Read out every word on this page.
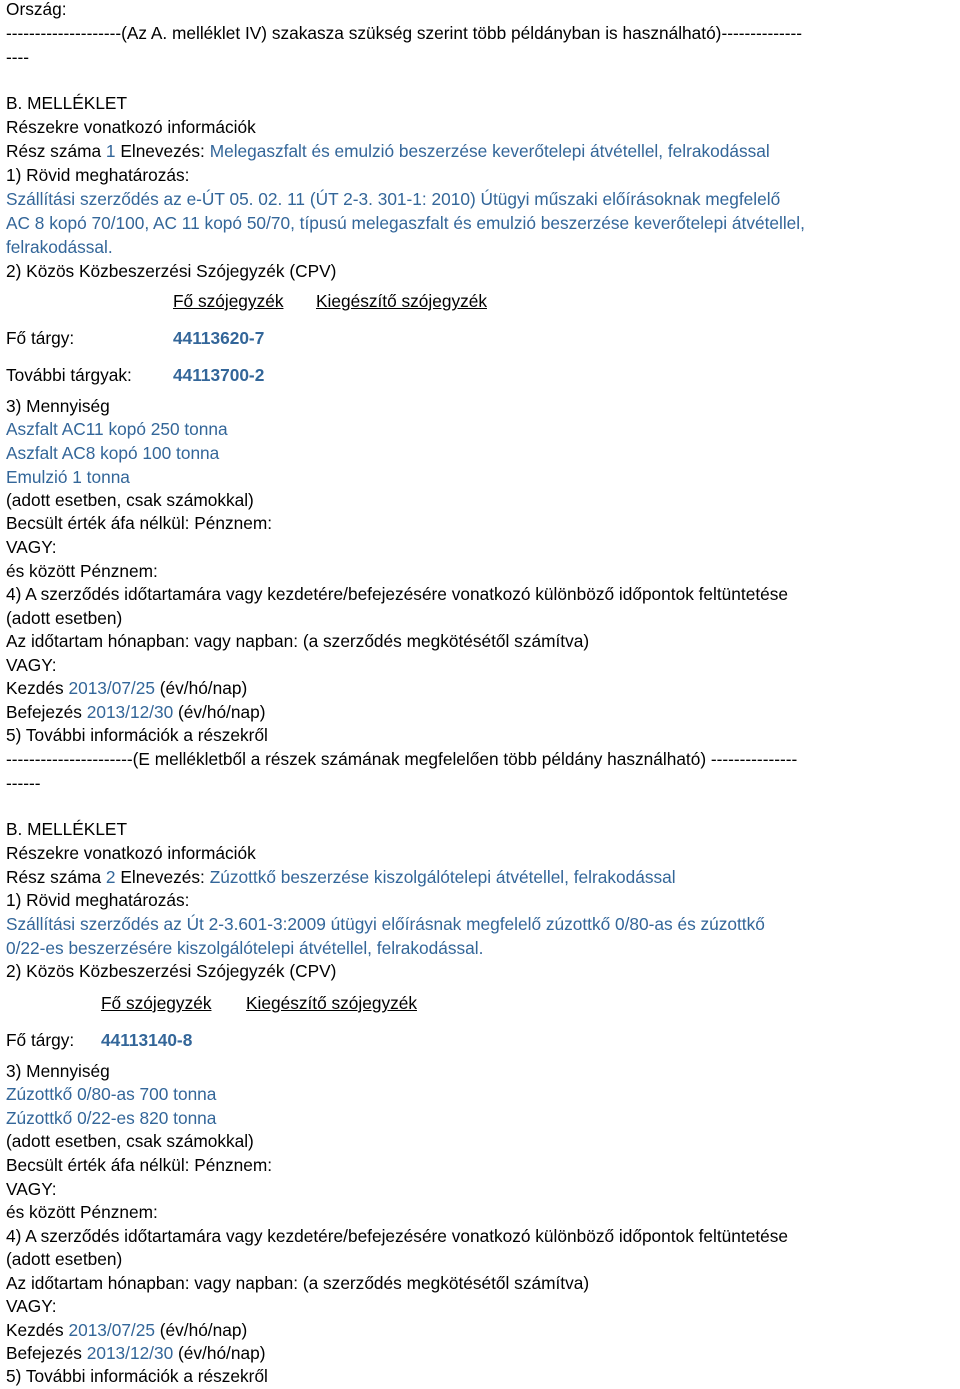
Ország:
--------------------(Az A. melléklet IV) szakasza szükség szerint több példányban is használható)--------------
----
B. MELLÉKLET
Részekre vonatkozó információk
Rész száma 1 Elnevezés: Melegaszfalt és emulzió beszerzése keverőtelepi átvétellel, felrakodással
1) Rövid meghatározás:
Szállítási szerződés az e-ÚT 05. 02. 11 (ÚT 2-3. 301-1: 2010) Útügyi műszaki előírásoknak megfelelő
AC 8 kopó 70/100, AC 11 kopó 50/70, típusú melegaszfalt és emulzió beszerzése keverőtelepi átvétellel,
felrakodással.
2) Közös Közbeszerzési Szójegyzék (CPV)
Fő szójegyzék Kiegészítő szójegyzék
Fő tárgy:	44113620-7
További tárgyak: 44113700-2
3) Mennyiség
Aszfalt AC11 kopó 250 tonna
Aszfalt AC8 kopó 100 tonna
Emulzió 1 tonna
(adott esetben, csak számokkal)
Becsült érték áfa nélkül: Pénznem:
VAGY:
és között Pénznem:
4) A szerződés időtartamára vagy kezdetére/befejezésére vonatkozó különböző időpontok feltüntetése
(adott esetben)
Az időtartam hónapban: vagy napban: (a szerződés megkötésétől számítva)
VAGY:
Kezdés 2013/07/25 (év/hó/nap)
Befejezés 2013/12/30 (év/hó/nap)
5) További információk a részekről
----------------------(E mellékletből a részek számának megfelelően több példány használható) ---------------
------
B. MELLÉKLET
Részekre vonatkozó információk
Rész száma 2 Elnevezés: Zúzottkő beszerzése kiszolgálótelepi átvétellel, felrakodással
1) Rövid meghatározás:
Szállítási szerződés az Út 2-3.601-3:2009 útügyi előírásnak megfelelő zúzottkő 0/80-as és zúzottkő
0/22-es beszerzésére kiszolgálótelepi átvétellel, felrakodással.
2) Közös Közbeszerzési Szójegyzék (CPV)
Fő szójegyzék Kiegészítő szójegyzék
Fő tárgy: 44113140-8
3) Mennyiség
Zúzottkő 0/80-as 700 tonna
Zúzottkő 0/22-es 820 tonna
(adott esetben, csak számokkal)
Becsült érték áfa nélkül: Pénznem:
VAGY:
és között Pénznem:
4) A szerződés időtartamára vagy kezdetére/befejezésére vonatkozó különböző időpontok feltüntetése
(adott esetben)
Az időtartam hónapban: vagy napban: (a szerződés megkötésétől számítva)
VAGY:
Kezdés 2013/07/25 (év/hó/nap)
Befejezés 2013/12/30 (év/hó/nap)
5) További információk a részekről
